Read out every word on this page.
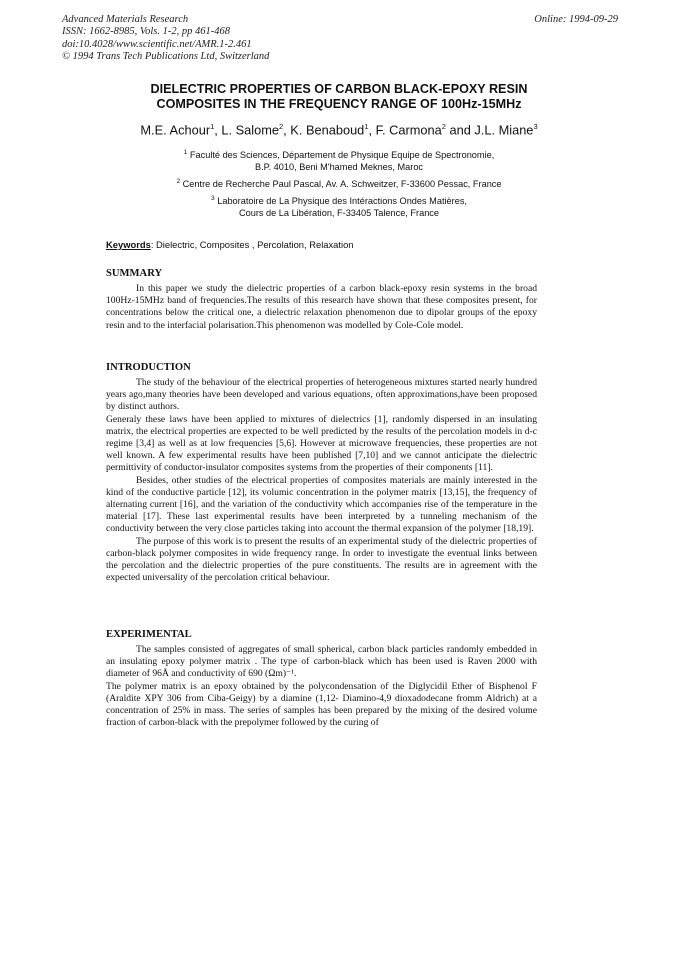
Advanced Materials Research
ISSN: 1662-8985, Vols. 1-2, pp 461-468
doi:10.4028/www.scientific.net/AMR.1-2.461
© 1994 Trans Tech Publications Ltd, Switzerland
Online: 1994-09-29
DIELECTRIC PROPERTIES OF CARBON BLACK-EPOXY RESIN
COMPOSITES IN THE FREQUENCY RANGE OF 100Hz-15MHz
M.E. Achour$^1$, L. Salome$^2$, K. Benaboud$^1$, F. Carmona$^2$ and J.L. Miane$^3$
$^1$ Faculté des Sciences, Département de Physique Equipe de Spectronomie,
B.P. 4010, Beni M'hamed Meknes, Maroc
$^2$ Centre de Recherche Paul Pascal, Av. A. Schweitzer, F-33600 Pessac, France
$^3$ Laboratoire de La Physique des Intéractions Ondes Matières,
Cours de La Libération, F-33405 Talence, France
Keywords: Dielectric, Composites , Percolation, Relaxation
SUMMARY

In this paper we study the dielectric properties of a carbon black-epoxy resin systems in the broad 100Hz-15MHz band of frequencies.The results of this research have shown that these composites present, for concentrations below the critical one, a dielectric relaxation phenomenon due to dipolar groups of the epoxy resin and to the interfacial polarisation.This phenomenon was modelled by Cole-Cole model.

INTRODUCTION

The study of the behaviour of the electrical properties of heterogeneous mixtures started nearly hundred years ago,many theories have been developed and various equations, often approximations,have been proposed by distinct authors.

Generaly these laws have been applied to mixtures of dielectrics [1], randomly dispersed in an insulating matrix, the electrical properties are expected to be well predicted by the results of the percolation models in d-c regime [3,4] as well as at low frequencies [5,6]. However at microwave frequencies, these properties are not well known. A few experimental results have been published [7,10] and we cannot anticipate the dielectric permittivity of conductor-insulator composites systems from the properties of their components [11].

Besides, other studies of the electrical properties of composites materials are mainly interested in the kind of the conductive particle [12], its volumic concentration in the polymer matrix [13,15], the frequency of alternating current [16], and the variation of the conductivity which accompanies rise of the temperature in the material [17]. These last experimental results have been interpreted by a tunneling mechanism of the conductivity between the very close particles taking into account the thermal expansion of the polymer [18,19].

The purpose of this work is to present the results of an experimental study of the dielectric properties of carbon-black polymer composites in wide frequency range. In order to investigate the eventual links between the percolation and the dielectric properties of the pure constituents. The results are in agreement with the expected universality of the percolation critical behaviour.

EXPERIMENTAL

The samples consisted of aggregates of small spherical, carbon black particles randomly embedded in an insulating epoxy polymer matrix . The type of carbon-black which has been used is Raven 2000 with diameter of 96Å and conductivity of 690 (Ωm)⁻¹.

The polymer matrix is an epoxy obtained by the polycondensation of the Diglycidil Ether of Bisphenol F (Araldite XPY 306 from Ciba-Geigy) by a diamine (1,12- Diamino-4,9 dioxadodecane fromm Aldrich) at a concentration of 25% in mass. The series of samples has been prepared by the mixing of the desired volume fraction of carbon-black with the prepolymer followed by the curing of
